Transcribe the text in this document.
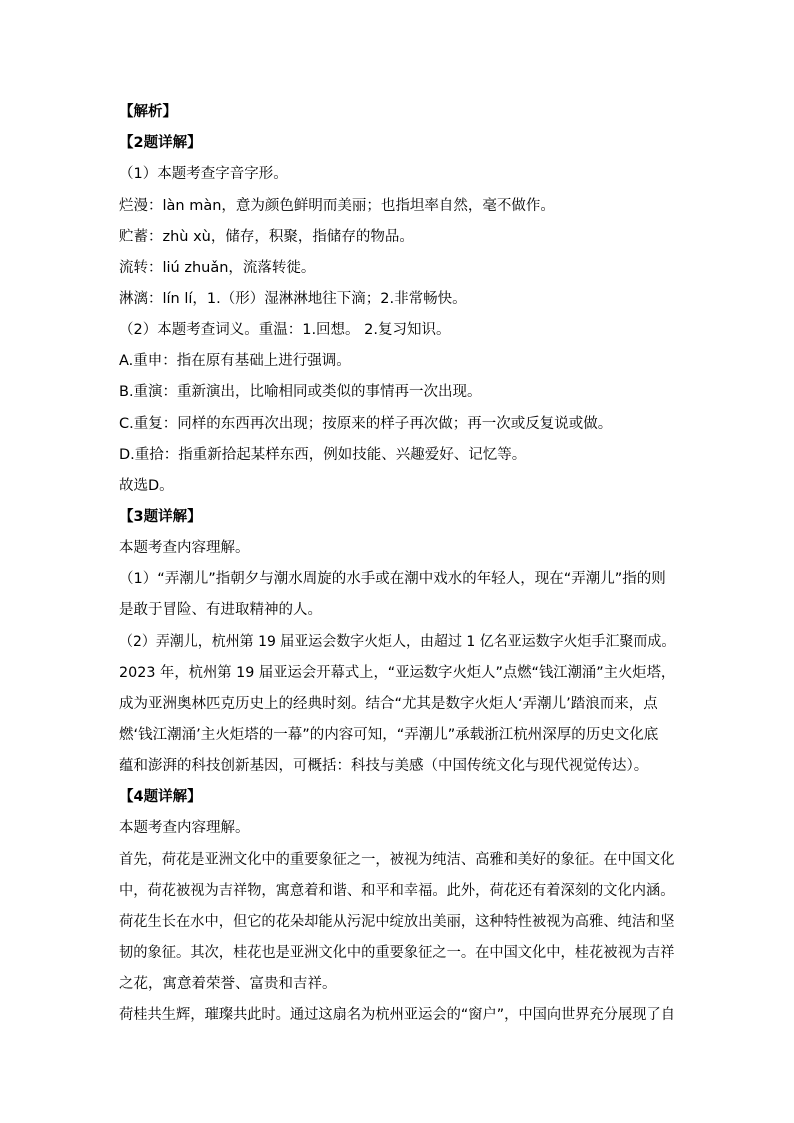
【解析】
【2题详解】
（1）本题考查字音字形。
烂漫：làn màn，意为颜色鲜明而美丽；也指坦率自然，毫不做作。
贮蓄：zhù xù，储存，积聚，指储存的物品。
流转：liú zhuǎn，流落转徙。
淋漓：lín lí，1.（形）湿淋淋地往下滴；2.非常畅快。
（2）本题考查词义。重温：1.回想。 2.复习知识。
A.重申：指在原有基础上进行强调。
B.重演：重新演出，比喻相同或类似的事情再一次出现。
C.重复：同样的东西再次出现；按原来的样子再次做；再一次或反复说或做。
D.重拾：指重新拾起某样东西，例如技能、兴趣爱好、记忆等。
故选D。
【3题详解】
本题考查内容理解。
（1）“弄潮儿”指朝夕与潮水周旋的水手或在潮中戏水的年轻人，现在“弄潮儿”指的则
是敢于冒险、有进取精神的人。
（2）弄潮儿，杭州第 19 届亚运会数字火炬人，由超过 1 亿名亚运数字火炬手汇聚而成。
2023 年，杭州第 19 届亚运会开幕式上，“亚运数字火炬人”点燃“钱江潮涌”主火炬塔，
成为亚洲奥林匹克历史上的经典时刻。结合“尤其是数字火炬人‘弄潮儿’踏浪而来，点
燃‘钱江潮涌’主火炬塔的一幕”的内容可知，“弄潮儿”承载浙江杭州深厚的历史文化底
蕴和澎湃的科技创新基因，可概括：科技与美感（中国传统文化与现代视觉传达）。
【4题详解】
本题考查内容理解。
首先，荷花是亚洲文化中的重要象征之一，被视为纯洁、高雅和美好的象征。在中国文化
中，荷花被视为吉祥物，寓意着和谐、和平和幸福。此外，荷花还有着深刻的文化内涵。
荷花生长在水中，但它的花朵却能从污泥中绽放出美丽，这种特性被视为高雅、纯洁和坚
韧的象征。其次，桂花也是亚洲文化中的重要象征之一。在中国文化中，桂花被视为吉祥
之花，寓意着荣誉、富贵和吉祥。
荷桂共生辉，璀璨共此时。通过这扇名为杭州亚运会的“窗户”，中国向世界充分展现了自
